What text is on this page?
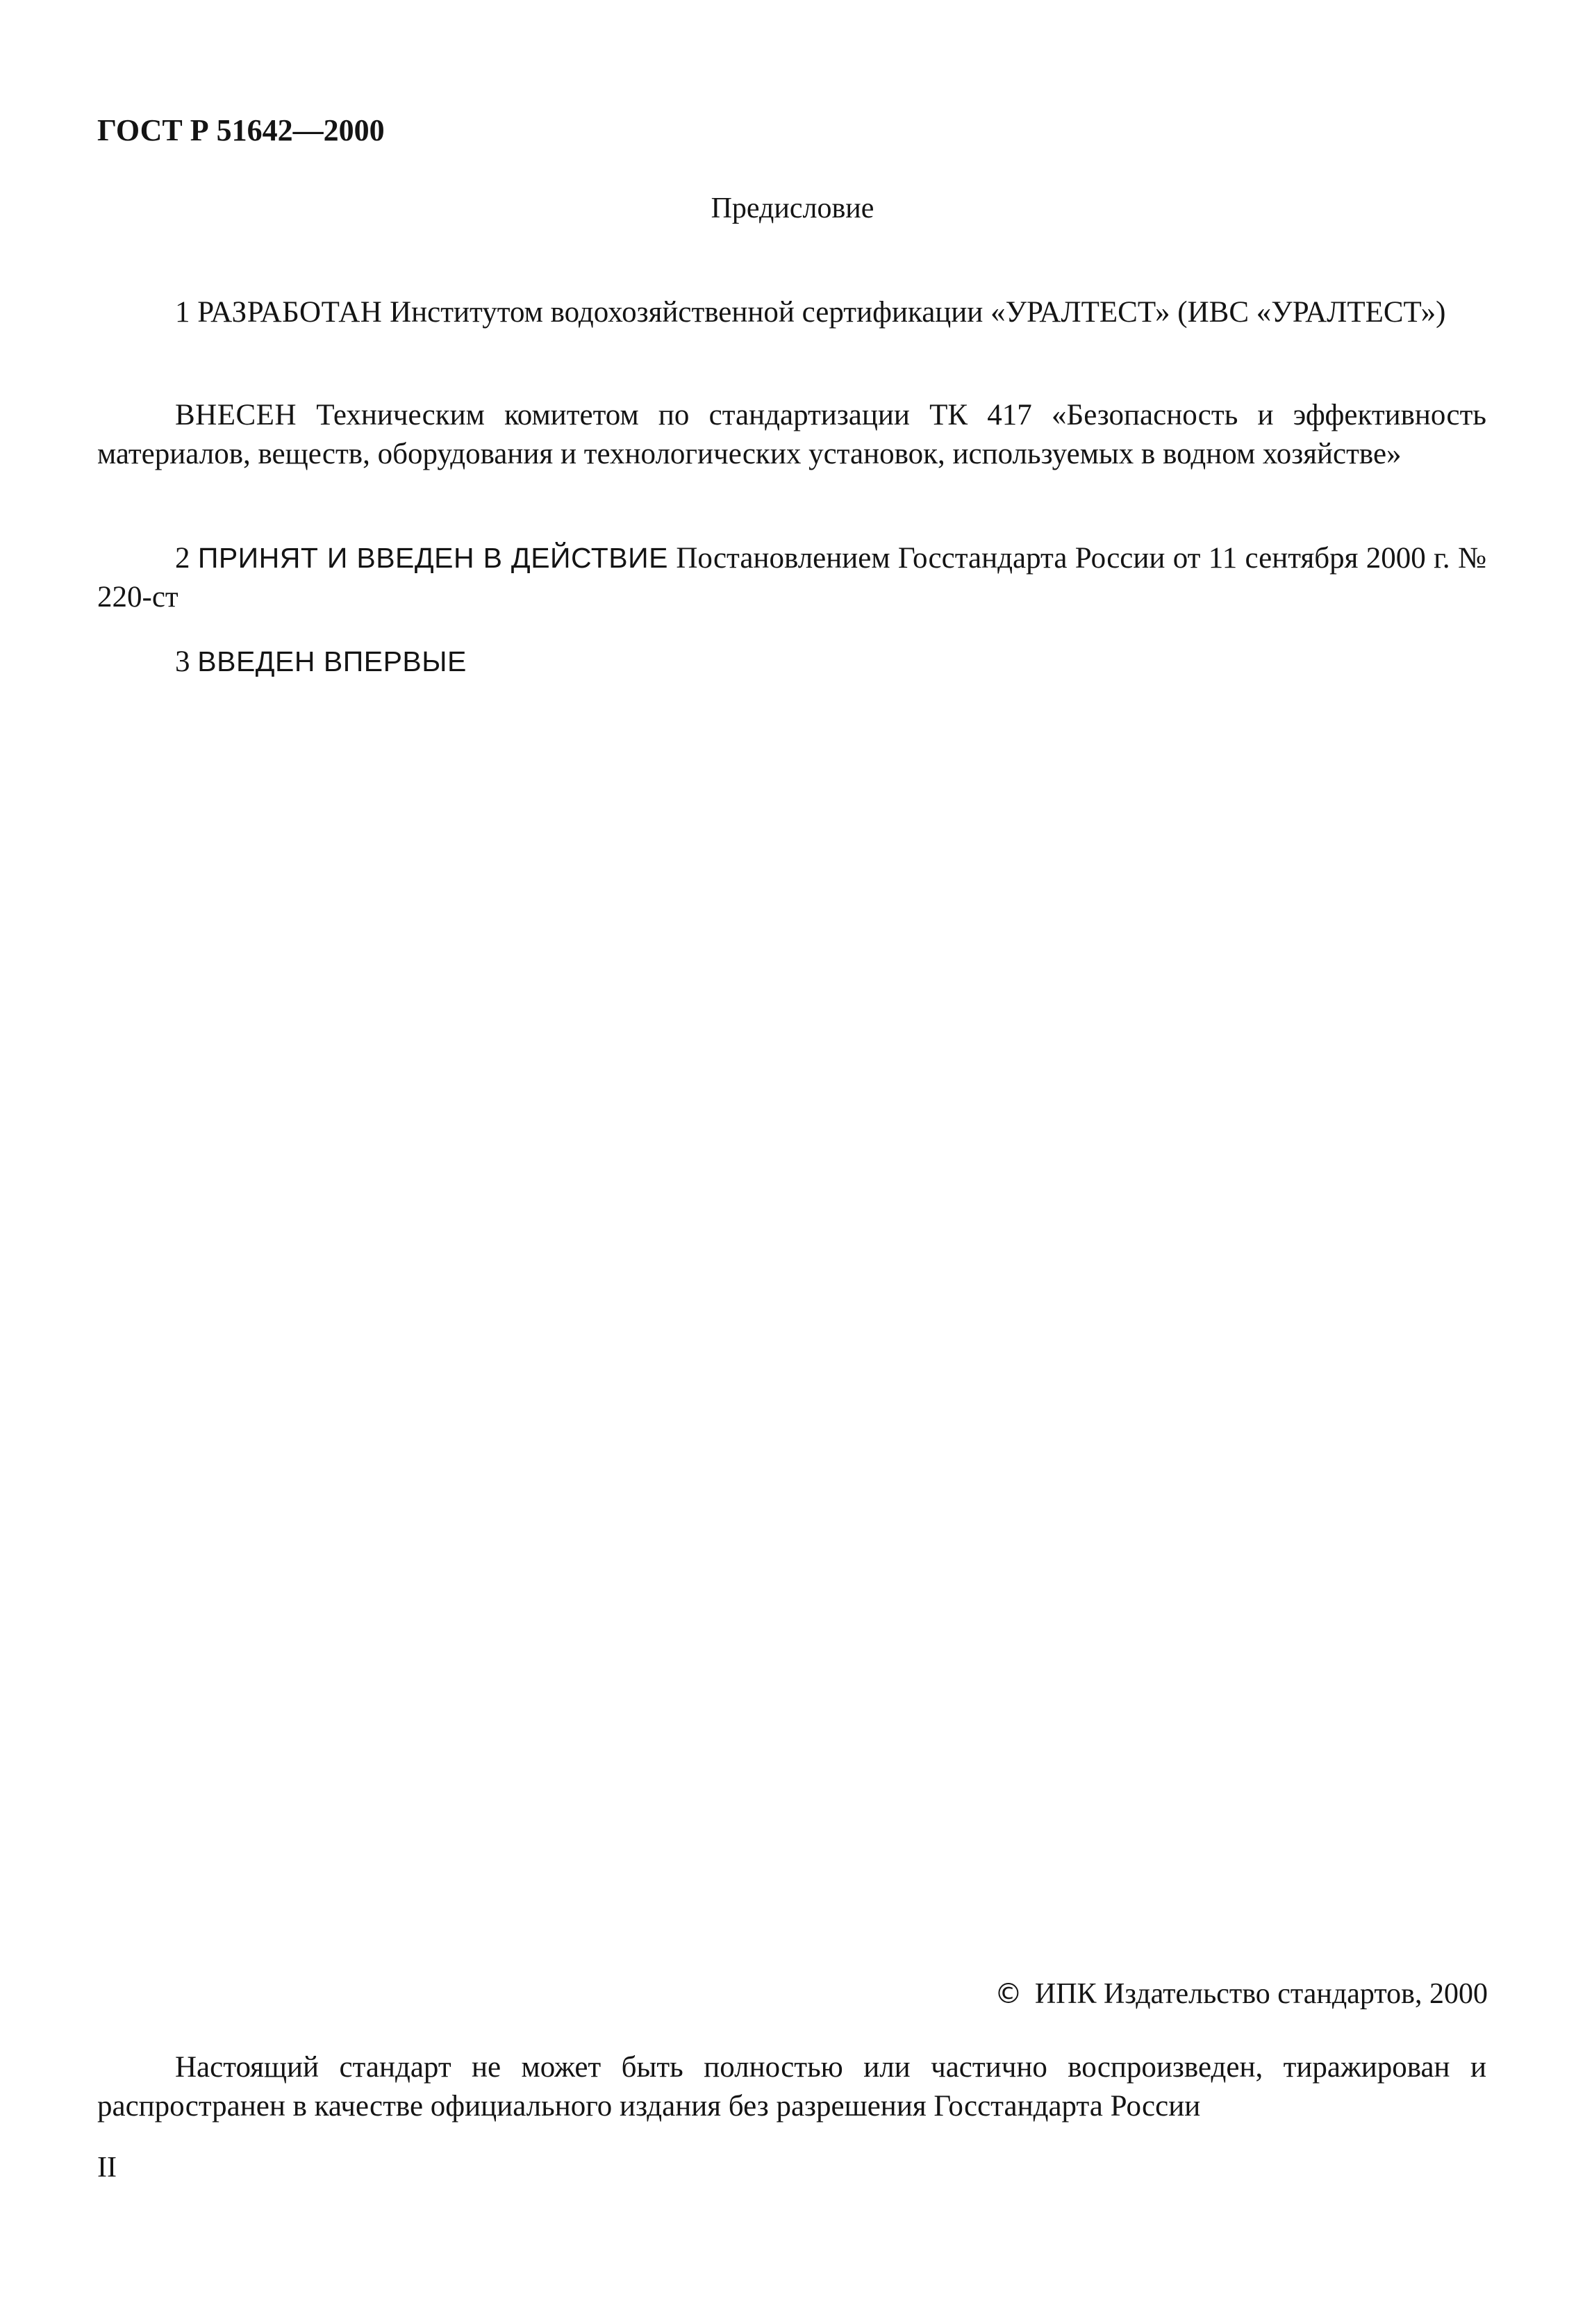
ГОСТ Р 51642—2000
Предисловие
1 РАЗРАБОТАН Институтом водохозяйственной сертификации «УРАЛТЕСТ» (ИВС «УРАЛТЕСТ»)
ВНЕСЕН Техническим комитетом по стандартизации ТК 417 «Безопасность и эффективность материалов, веществ, оборудования и технологических установок, используемых в водном хозяйстве»
2 ПРИНЯТ И ВВЕДЕН В ДЕЙСТВИЕ Постановлением Госстандарта России от 11 сентября 2000 г. № 220-ст
3 ВВЕДЕН ВПЕРВЫЕ
© ИПК Издательство стандартов, 2000
Настоящий стандарт не может быть полностью или частично воспроизведен, тиражирован и распространен в качестве официального издания без разрешения Госстандарта России
II
